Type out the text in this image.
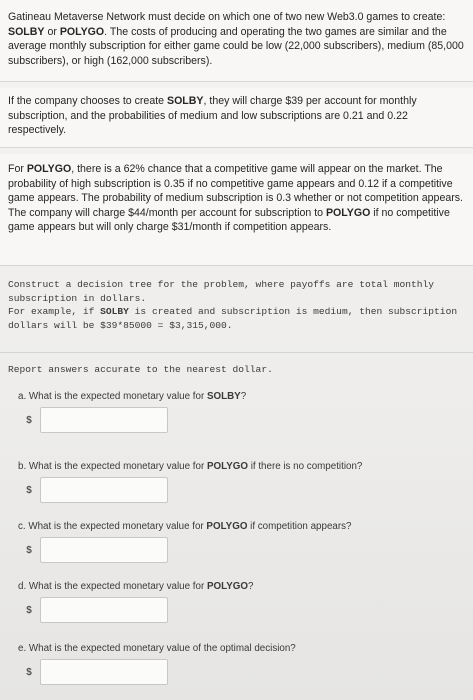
Gatineau Metaverse Network must decide on which one of two new Web3.0 games to create: SOLBY or POLYGO. The costs of producing and operating the two games are similar and the average monthly subscription for either game could be low (22,000 subscribers), medium (85,000 subscribers), or high (162,000 subscribers).

If the company chooses to create SOLBY, they will charge $39 per account for monthly subscription, and the probabilities of medium and low subscriptions are 0.21 and 0.22 respectively.

For POLYGO, there is a 62% chance that a competitive game will appear on the market. The probability of high subscription is 0.35 if no competitive game appears and 0.12 if a competitive game appears. The probability of medium subscription is 0.3 whether or not competition appears. The company will charge $44/month per account for subscription to POLYGO if no competitive game appears but will only charge $31/month if competition appears.

Construct a decision tree for the problem, where payoffs are total monthly subscription in dollars.

For example, if SOLBY is created and subscription is medium, then subscription dollars will be $39*85000 = $3,315,000.

Report answers accurate to the nearest dollar.

a. What is the expected monetary value for SOLBY?
$
b. What is the expected monetary value for POLYGO if there is no competition?
$
c. What is the expected monetary value for POLYGO if competition appears?
$
d. What is the expected monetary value for POLYGO?
$
e. What is the expected monetary value of the optimal decision?
$
